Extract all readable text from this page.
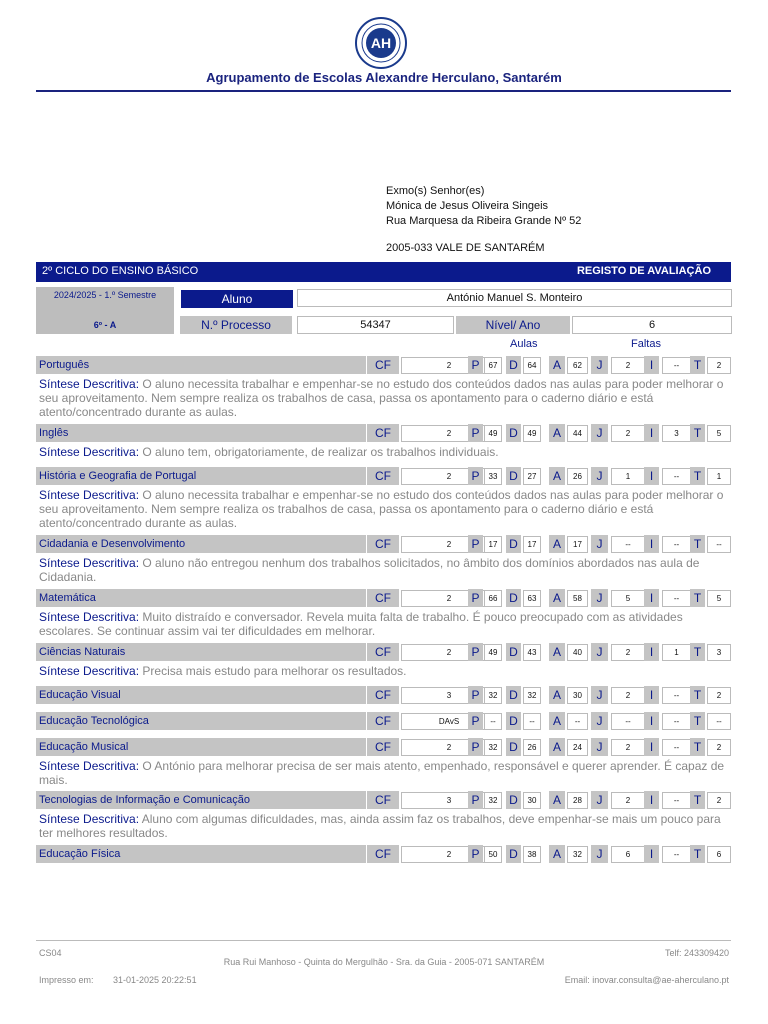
AH
Agrupamento de Escolas Alexandre Herculano, Santarém
Exmo(s) Senhor(es)
Mónica de Jesus Oliveira Singeis
Rua Marquesa da Ribeira Grande Nº 52
2005-033 VALE DE SANTARÉM
2º CICLO DO ENSINO BÁSICO	REGISTO DE AVALIAÇÃO
2024/2025 - 1.º Semestre
6º - A
Aluno	António Manuel S. Monteiro
N.º Processo	54347	Nível/ Ano	6
Aulas	Faltas
Português	CF	2	P	67 D	64	A	62	J	2	I	--	T	2
Síntese Descritiva: O aluno necessita trabalhar e empenhar-se no estudo dos conteúdos dados nas aulas para poder melhorar o seu aproveitamento. Nem sempre realiza os trabalhos de casa, passa os apontamento para o caderno diário e está atento/concentrado durante as aulas.
Inglês	CF	2	P	49 D	49	A	44	J	2	I	3	T	5
Síntese Descritiva: O aluno tem, obrigatoriamente, de realizar os trabalhos individuais.
História e Geografia de Portugal	CF	2	P	33 D	27	A	26	J	1	I	--	T	1
Síntese Descritiva: O aluno necessita trabalhar e empenhar-se no estudo dos conteúdos dados nas aulas para poder melhorar o seu aproveitamento. Nem sempre realiza os trabalhos de casa, passa os apontamento para o caderno diário e está atento/concentrado durante as aulas.
Cidadania e Desenvolvimento	CF	2	P	17 D	17	A	17	J	--	I	--	T	--
Síntese Descritiva: O aluno não entregou nenhum dos trabalhos solicitados, no âmbito dos domínios abordados nas aula de Cidadania.
Matemática	CF	2	P	66 D	63	A	58	J	5	I	--	T	5
Síntese Descritiva: Muito distraído e conversador. Revela muita falta de trabalho. É pouco preocupado com as atividades escolares. Se continuar assim vai ter dificuldades em melhorar.
Ciências Naturais	CF	2	P	49 D	43	A	40	J	2	I	1	T	3
Síntese Descritiva: Precisa mais estudo para melhorar os resultados.
Educação Visual	CF	3	P	32 D	32	A	30	J	2	I	--	T	2
Educação Tecnológica	CF	DAvS	P	--	D	--	A	--	J	--	I	--	T	--
Educação Musical	CF	2	P	32 D	26	A	24	J	2	I	--	T	2
Síntese Descritiva: O António para melhorar precisa de ser mais atento, empenhado, responsável e querer aprender. É capaz de mais.
Tecnologias de Informação e Comunicação	CF	3	P	32 D	30	A	28	J	2	I	--	T	2
Síntese Descritiva: Aluno com algumas dificuldades, mas, ainda assim faz os trabalhos, deve empenhar-se mais um pouco para ter melhores resultados.
Educação Física	CF	2	P	50 D	38	A	32	J	6	I	--	T	6
CS04	Telf: 243309420
Rua Rui Manhoso - Quinta do Mergulhão - Sra. da Guia - 2005-071 SANTARÉM
Impresso em: 31-01-2025 20:22:51	Email: inovar.consulta@ae-aherculano.pt
